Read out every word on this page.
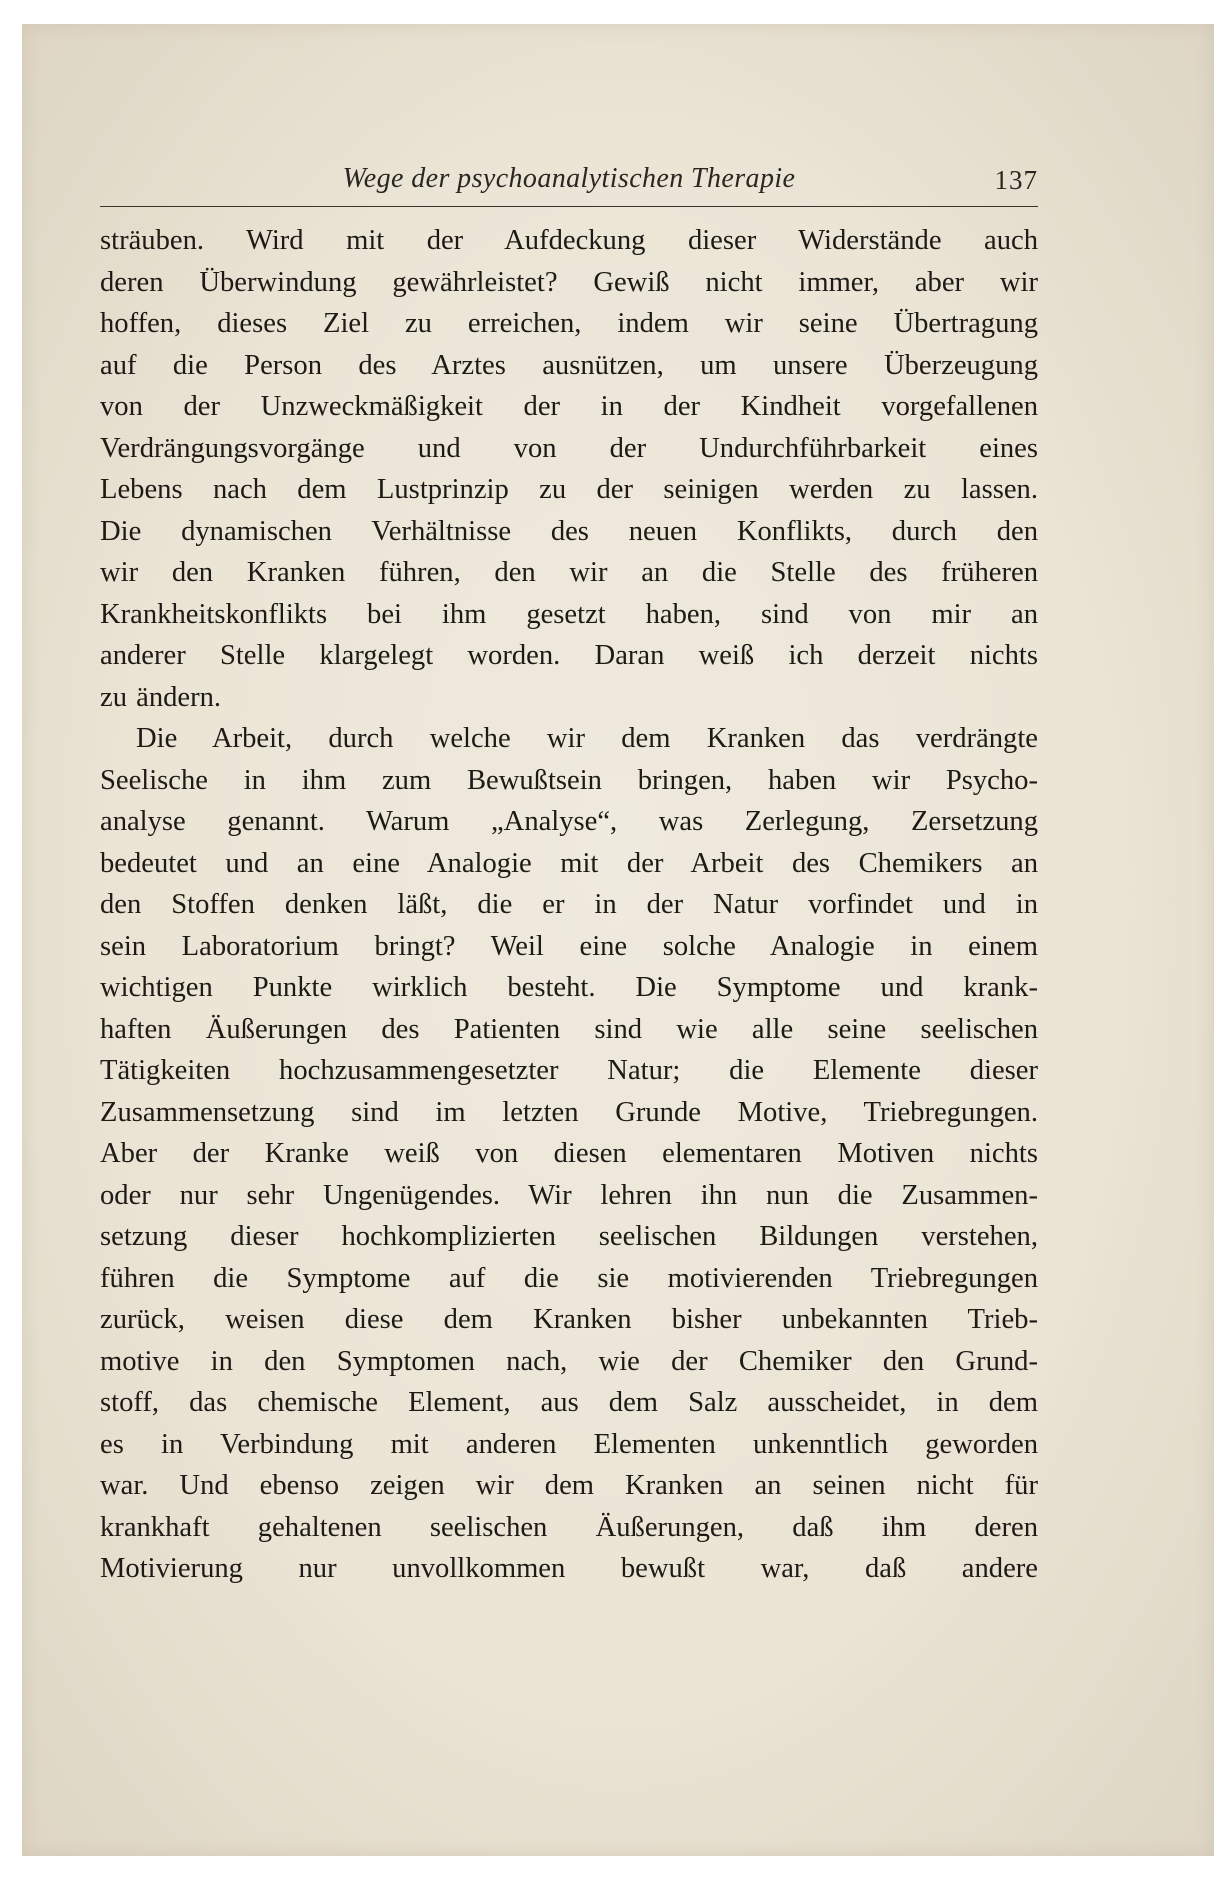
Wege der psychoanalytischen Therapie	137
sträuben. Wird mit der Aufdeckung dieser Widerstände auch
deren Überwindung gewährleistet? Gewiß nicht immer, aber wir
hoffen, dieses Ziel zu erreichen, indem wir seine Übertragung
auf die Person des Arztes ausnützen, um unsere Überzeugung
von der Unzweckmäßigkeit der in der Kindheit vorgefallenen
Verdrängungsvorgänge und von der Undurchführbarkeit eines
Lebens nach dem Lustprinzip zu der seinigen werden zu lassen.
Die dynamischen Verhältnisse des neuen Konflikts, durch den
wir den Kranken führen, den wir an die Stelle des früheren
Krankheitskonflikts bei ihm gesetzt haben, sind von mir an
anderer Stelle klargelegt worden. Daran weiß ich derzeit nichts
zu ändern.
Die Arbeit, durch welche wir dem Kranken das verdrängte
Seelische in ihm zum Bewußtsein bringen, haben wir Psycho-
analyse genannt. Warum „Analyse“, was Zerlegung, Zersetzung
bedeutet und an eine Analogie mit der Arbeit des Chemikers an
den Stoffen denken läßt, die er in der Natur vorfindet und in
sein Laboratorium bringt? Weil eine solche Analogie in einem
wichtigen Punkte wirklich besteht. Die Symptome und krank-
haften Äußerungen des Patienten sind wie alle seine seelischen
Tätigkeiten hochzusammengesetzter Natur; die Elemente dieser
Zusammensetzung sind im letzten Grunde Motive, Triebregungen.
Aber der Kranke weiß von diesen elementaren Motiven nichts
oder nur sehr Ungenügendes. Wir lehren ihn nun die Zusammen-
setzung dieser hochkomplizierten seelischen Bildungen verstehen,
führen die Symptome auf die sie motivierenden Triebregungen
zurück, weisen diese dem Kranken bisher unbekannten Trieb-
motive in den Symptomen nach, wie der Chemiker den Grund-
stoff, das chemische Element, aus dem Salz ausscheidet, in dem
es in Verbindung mit anderen Elementen unkenntlich geworden
war. Und ebenso zeigen wir dem Kranken an seinen nicht für
krankhaft gehaltenen seelischen Äußerungen, daß ihm deren
Motivierung nur unvollkommen bewußt war, daß andere
